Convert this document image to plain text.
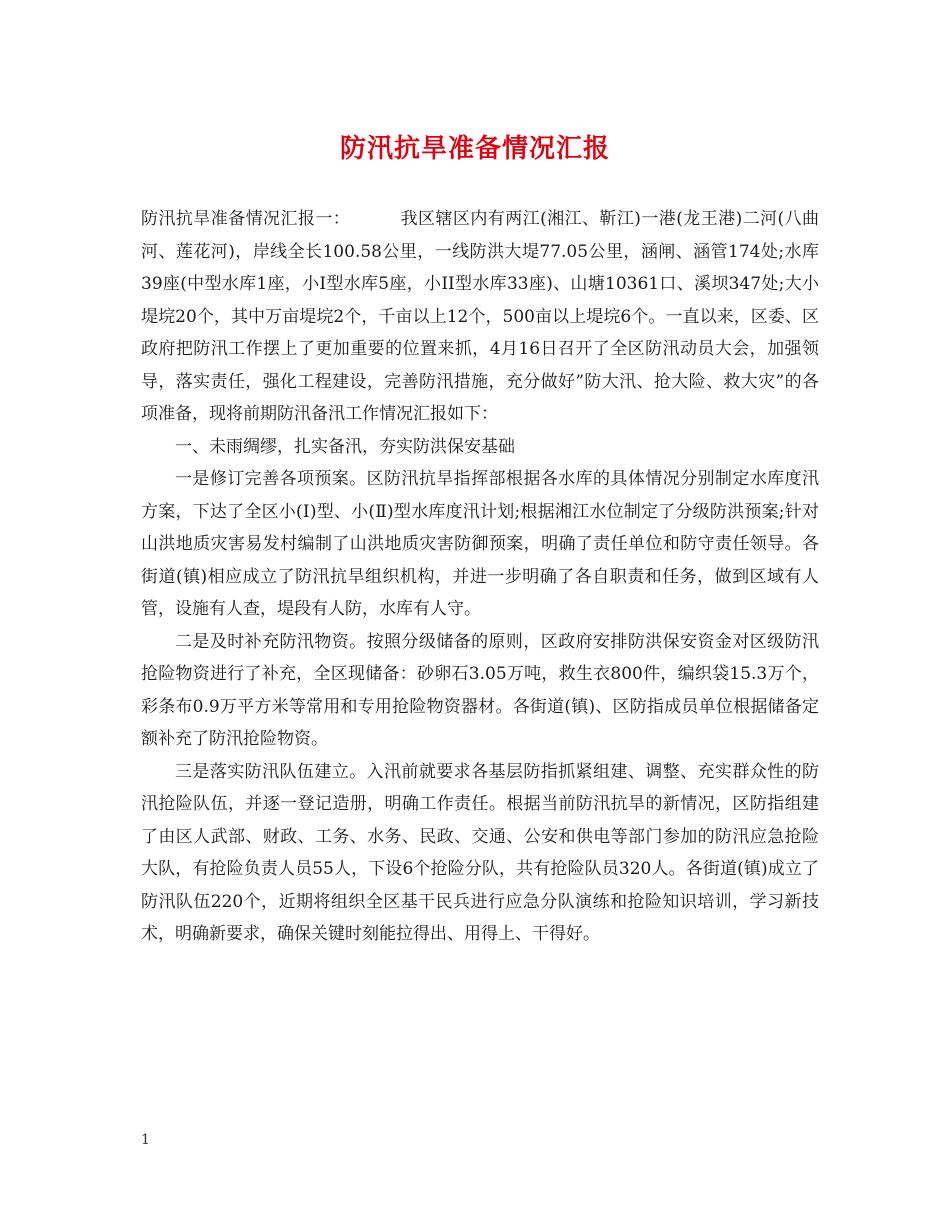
防汛抗旱准备情况汇报

防汛抗旱准备情况汇报一：	我区辖区内有两江(湘江、靳江)一港(龙王港)二河(八曲河、莲花河)，岸线全长100.58公里，一线防洪大堤77.05公里，涵闸、涵管174处;水库39座(中型水库1座，小Ⅰ型水库5座，小II型水库33座)、山塘10361口、溪坝347处;大小堤垸20个，其中万亩堤垸2个，千亩以上12个，500亩以上堤垸6个。一直以来，区委、区政府把防汛工作摆上了更加重要的位置来抓，4月16日召开了全区防汛动员大会，加强领导，落实责任，强化工程建设，完善防汛措施，充分做好”防大汛、抢大险、救大灾”的各项准备，现将前期防汛备汛工作情况汇报如下：

一、未雨绸缪，扎实备汛，夯实防洪保安基础

一是修订完善各项预案。区防汛抗旱指挥部根据各水库的具体情况分别制定水库度汛方案，下达了全区小(Ⅰ)型、小(Ⅱ)型水库度汛计划;根据湘江水位制定了分级防洪预案;针对山洪地质灾害易发村编制了山洪地质灾害防御预案，明确了责任单位和防守责任领导。各街道(镇)相应成立了防汛抗旱组织机构，并进一步明确了各自职责和任务，做到区域有人管，设施有人查，堤段有人防，水库有人守。

二是及时补充防汛物资。按照分级储备的原则，区政府安排防洪保安资金对区级防汛抢险物资进行了补充，全区现储备：砂卵石3.05万吨，救生衣800件，编织袋15.3万个，彩条布0.9万平方米等常用和专用抢险物资器材。各街道(镇)、区防指成员单位根据储备定额补充了防汛抢险物资。

三是落实防汛队伍建立。入汛前就要求各基层防指抓紧组建、调整、充实群众性的防汛抢险队伍，并逐一登记造册，明确工作责任。根据当前防汛抗旱的新情况，区防指组建了由区人武部、财政、工务、水务、民政、交通、公安和供电等部门参加的防汛应急抢险大队，有抢险负责人员55人，下设6个抢险分队，共有抢险队员320人。各街道(镇)成立了防汛队伍220个，近期将组织全区基干民兵进行应急分队演练和抢险知识培训，学习新技术，明确新要求，确保关键时刻能拉得出、用得上、干得好。

1
